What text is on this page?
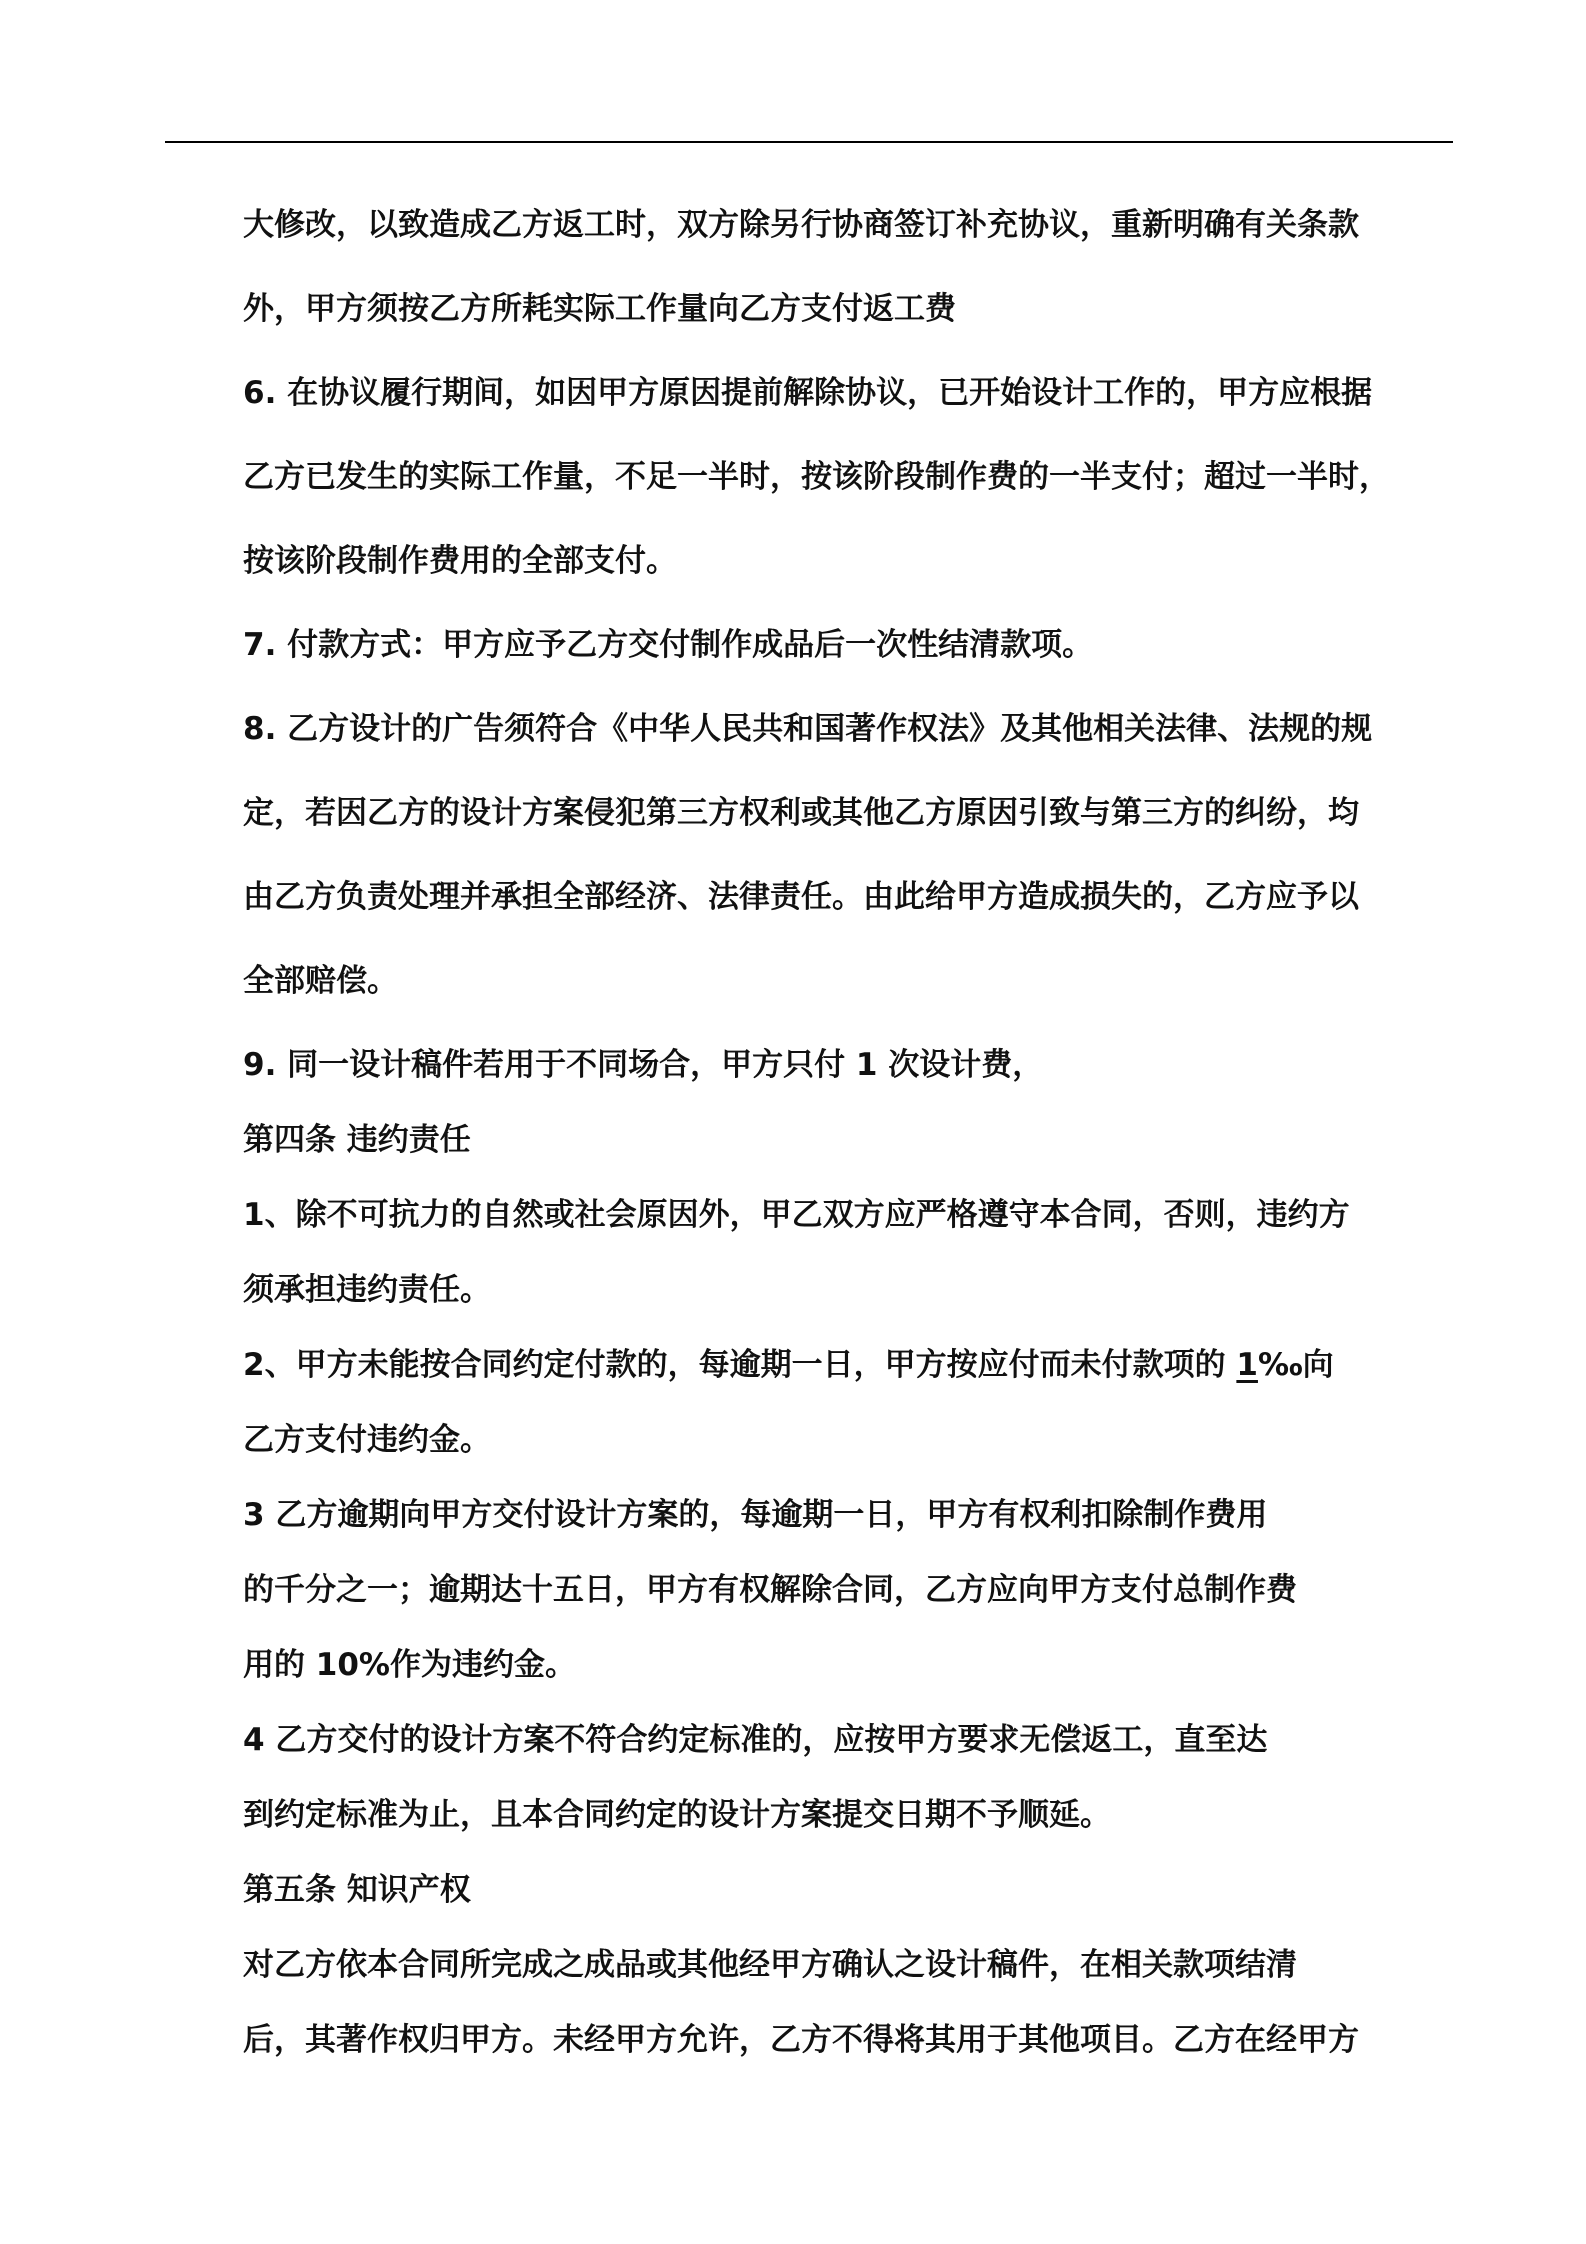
大修改，以致造成乙方返工时，双方除另行协商签订补充协议，重新明确有关条款
外，甲方须按乙方所耗实际工作量向乙方支付返工费
6. 在协议履行期间，如因甲方原因提前解除协议，已开始设计工作的，甲方应根据
乙方已发生的实际工作量，不足一半时，按该阶段制作费的一半支付；超过一半时，
按该阶段制作费用的全部支付。
7. 付款方式：甲方应予乙方交付制作成品后一次性结清款项。
8. 乙方设计的广告须符合《中华人民共和国著作权法》及其他相关法律、法规的规
定，若因乙方的设计方案侵犯第三方权利或其他乙方原因引致与第三方的纠纷，均
由乙方负责处理并承担全部经济、法律责任。由此给甲方造成损失的，乙方应予以
全部赔偿。
9. 同一设计稿件若用于不同场合，甲方只付 1 次设计费，
第四条 违约责任
1、除不可抗力的自然或社会原因外，甲乙双方应严格遵守本合同，否则，违约方
须承担违约责任。
2、甲方未能按合同约定付款的，每逾期一日，甲方按应付而未付款项的 1‰向
乙方支付违约金。
3 乙方逾期向甲方交付设计方案的，每逾期一日，甲方有权利扣除制作费用
的千分之一；逾期达十五日，甲方有权解除合同，乙方应向甲方支付总制作费
用的 10%作为违约金。
4 乙方交付的设计方案不符合约定标准的，应按甲方要求无偿返工，直至达
到约定标准为止，且本合同约定的设计方案提交日期不予顺延。
第五条 知识产权
对乙方依本合同所完成之成品或其他经甲方确认之设计稿件，在相关款项结清
后，其著作权归甲方。未经甲方允许，乙方不得将其用于其他项目。乙方在经甲方
